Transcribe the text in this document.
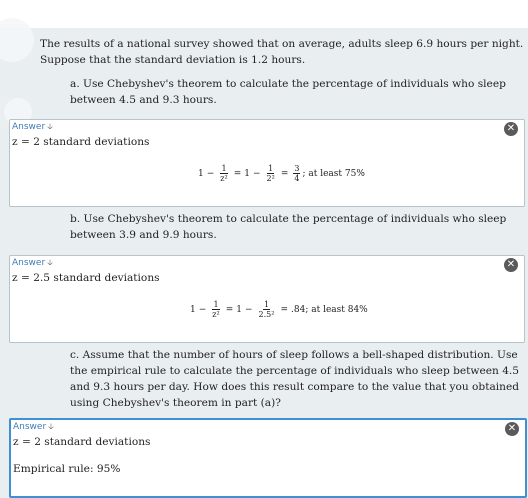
The results of a national survey showed that on average, adults sleep 6.9 hours per night. Suppose that the standard deviation is 1.2 hours.
a. Use Chebyshev's theorem to calculate the percentage of individuals who sleep between 4.5 and 9.3 hours.
Answer 🡣	✕
z = 2 standard deviations
$1 - \frac{1}{\text{z²}} = 1 - \frac{1}{\text{2²}} = \frac{3}{4}$ ; at least 75%
b. Use Chebyshev's theorem to calculate the percentage of individuals who sleep between 3.9 and 9.9 hours.
Answer 🡣	✕
z = 2.5 standard deviations
$1 - \frac{1}{\text{z²}} = 1 - \frac{1}{\text{2.5²}} = .84$; at least 84%
c. Assume that the number of hours of sleep follows a bell-shaped distribution. Use the empirical rule to calculate the percentage of individuals who sleep between 4.5 and 9.3 hours per day. How does this result compare to the value that you obtained using Chebyshev's theorem in part (a)?
Answer 🡣	✕
z = 2 standard deviations
Empirical rule: 95%
